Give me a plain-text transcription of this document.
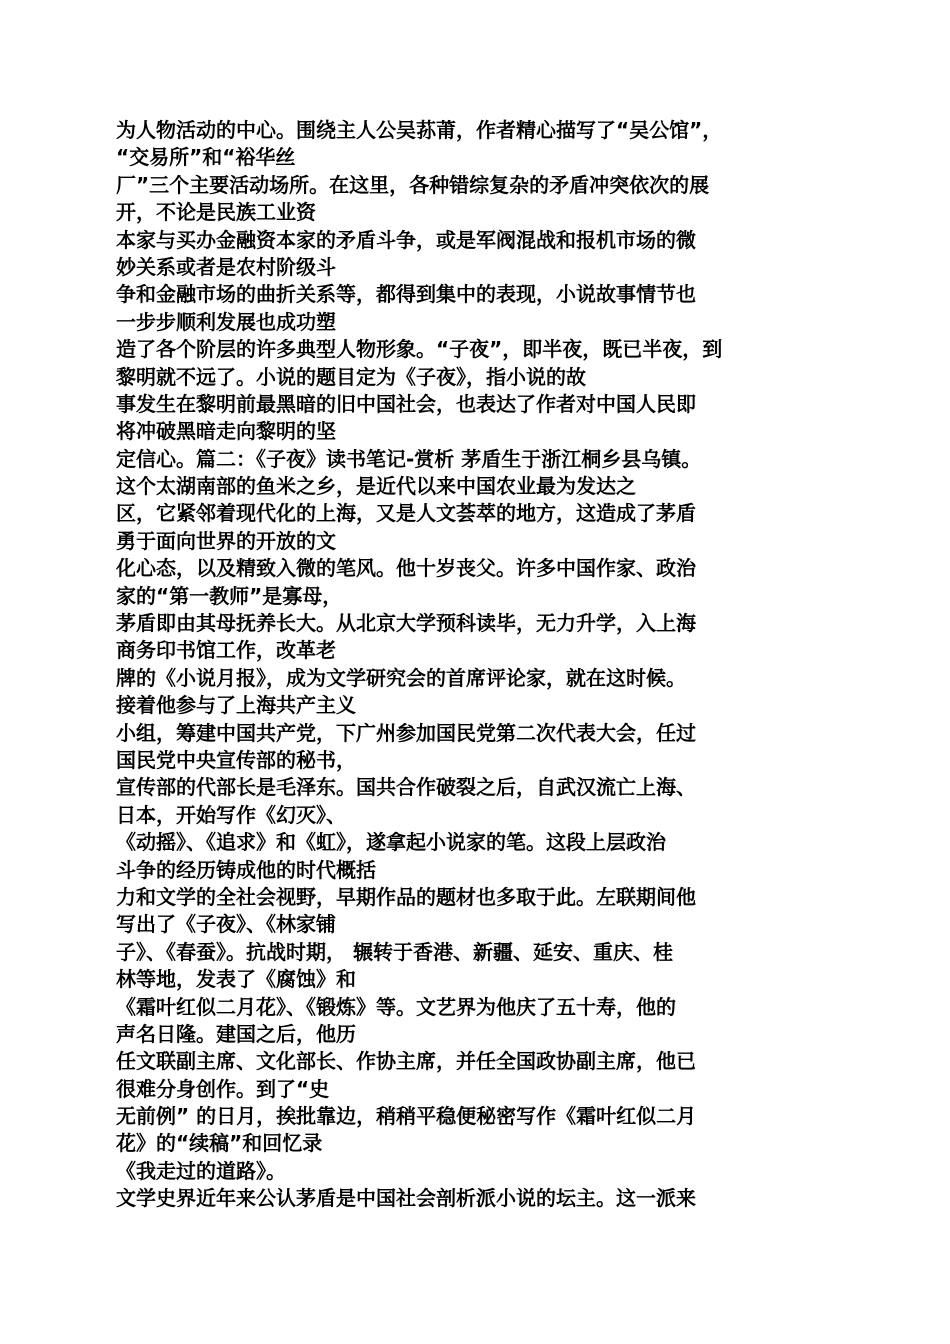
为人物活动的中心。围绕主人公吴荪莆，作者精心描写了“吴公馆”，
“交易所”和“裕华丝
厂”三个主要活动场所。在这里，各种错综复杂的矛盾冲突依次的展
开，不论是民族工业资
本家与买办金融资本家的矛盾斗争，或是军阀混战和报机市场的微
妙关系或者是农村阶级斗
争和金融市场的曲折关系等，都得到集中的表现，小说故事情节也
一步步顺利发展也成功塑
造了各个阶层的许多典型人物形象。“子夜”，即半夜，既已半夜，到
黎明就不远了。小说的题目定为《子夜》，指小说的故
事发生在黎明前最黑暗的旧中国社会，也表达了作者对中国人民即
将冲破黑暗走向黎明的坚
定信心。篇二：《子夜》读书笔记-赏析 茅盾生于浙江桐乡县乌镇。
这个太湖南部的鱼米之乡，是近代以来中国农业最为发达之
区，它紧邻着现代化的上海，又是人文荟萃的地方，这造成了茅盾
勇于面向世界的开放的文
化心态，以及精致入微的笔风。他十岁丧父。许多中国作家、政治
家的“第一教师”是寡母，
茅盾即由其母抚养长大。从北京大学预科读毕，无力升学，入上海
商务印书馆工作，改革老
牌的《小说月报》，成为文学研究会的首席评论家，就在这时候。
接着他参与了上海共产主义
小组，筹建中国共产党，下广州参加国民党第二次代表大会，任过
国民党中央宣传部的秘书，
宣传部的代部长是毛泽东。国共合作破裂之后，自武汉流亡上海、
日本，开始写作《幻灭》、
《动摇》、《追求》和《虹》，遂拿起小说家的笔。这段上层政治
斗争的经历铸成他的时代概括
力和文学的全社会视野，早期作品的题材也多取于此。左联期间他
写出了《子夜》、《林家铺
子》、《春蚕》。抗战时期， 辗转于香港、新疆、延安、重庆、桂
林等地，发表了《腐蚀》和
《霜叶红似二月花》、《锻炼》等。文艺界为他庆了五十寿，他的
声名日隆。建国之后，他历
任文联副主席、文化部长、作协主席，并任全国政协副主席，他已
很难分身创作。到了“史
无前例” 的日月，挨批靠边，稍稍平稳便秘密写作《霜叶红似二月
花》的“续稿”和回忆录
《我走过的道路》。
文学史界近年来公认茅盾是中国社会剖析派小说的坛主。这一派来
